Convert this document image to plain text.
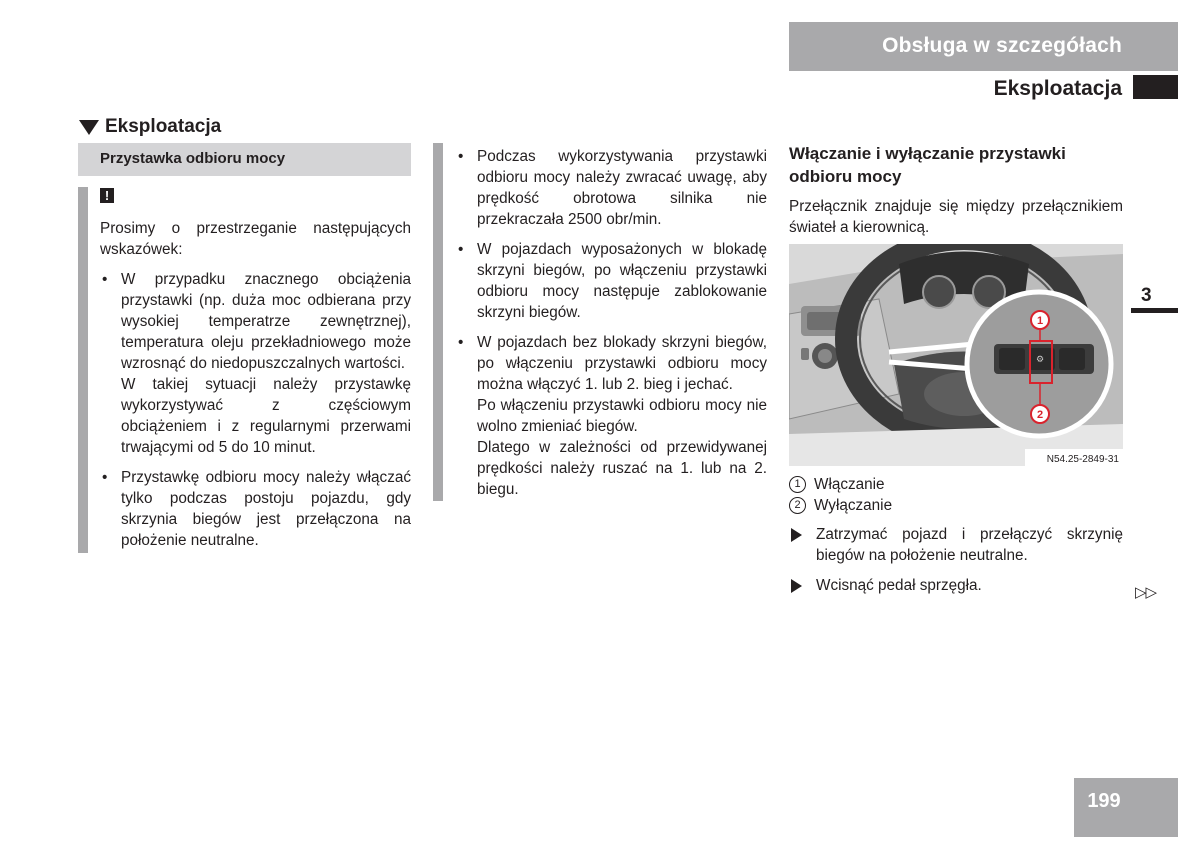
Obsługa w szczegółach
Eksploatacja
3
Eksploatacja
Przystawka odbioru mocy
!

Prosimy o przestrzeganie następujących wskazówek:

• W przypadku znacznego obciążenia przystawki (np. duża moc odbierana przy wysokiej temperatrze zewnętrznej), temperatura oleju przekładniowego może wzrosnąć do niedopuszczalnych wartości.
W takiej sytuacji należy przystawkę wykorzystywać z częściowym obciążeniem i z regularnymi przerwami trwającymi od 5 do 10 minut.
• Przystawkę odbioru mocy należy włączać tylko podczas postoju pojazdu, gdy skrzynia biegów jest przełączona na położenie neutralne.
• Podczas wykorzystywania przystawki odbioru mocy należy zwracać uwagę, aby prędkość obrotowa silnika nie przekraczała 2500 obr/min.
• W pojazdach wyposażonych w blokadę skrzyni biegów, po włączeniu przystawki odbioru mocy następuje zablokowanie skrzyni biegów.
• W pojazdach bez blokady skrzyni biegów, po włączeniu przystawki odbioru mocy można włączyć 1. lub 2. bieg i jechać.
Po włączeniu przystawki odbioru mocy nie wolno zmieniać biegów.
Dlatego w zależności od przewidywanej prędkości należy ruszać na 1. lub na 2. biegu.
Włączanie i wyłączanie przystawki odbioru mocy
Przełącznik znajduje się między przełącznikiem świateł a kierownicą.
⚙
1
2
N54.25-2849-31
1 Włączanie
2 Wyłączanie
Zatrzymać pojazd i przełączyć skrzynię biegów na położenie neutralne.
Wcisnąć pedał sprzęgła.	▷▷
199
